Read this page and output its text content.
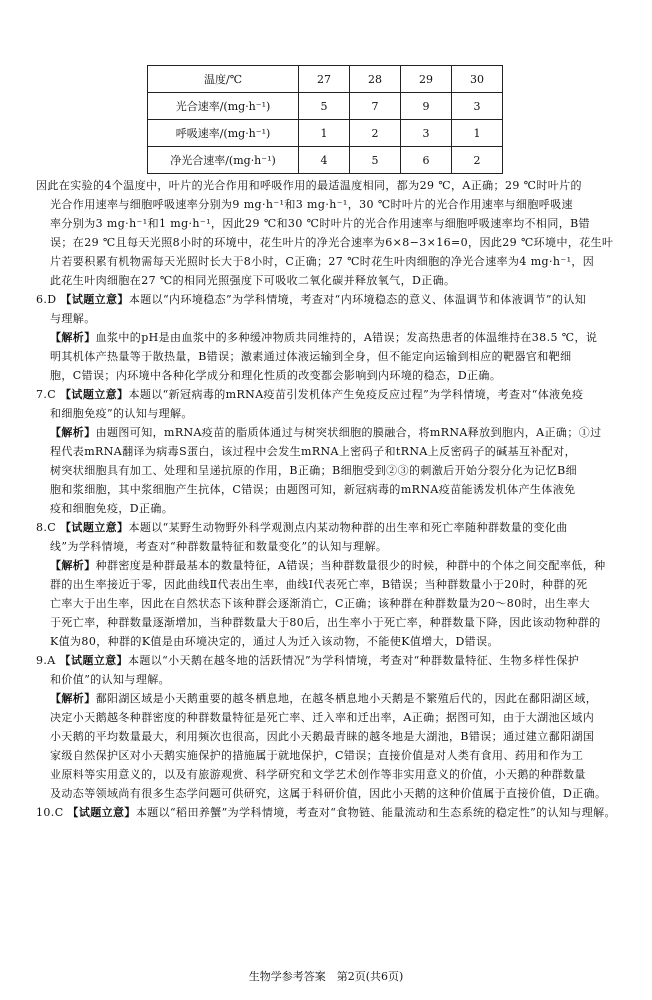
温度/℃	27	28	29	30
光合速率/(mg·h⁻¹)	5	7	9	3
呼吸速率/(mg·h⁻¹)	1	2	3	1
净光合速率/(mg·h⁻¹)	4	5	6	2
因此在实验的4个温度中，叶片的光合作用和呼吸作用的最适温度相同，都为29 ℃，A正确；29 ℃时叶片的
光合作用速率与细胞呼吸速率分别为9 mg·h⁻¹和3 mg·h⁻¹，30 ℃时叶片的光合作用速率与细胞呼吸速
率分别为3 mg·h⁻¹和1 mg·h⁻¹，因此29 ℃和30 ℃时叶片的光合作用速率与细胞呼吸速率均不相同，B错
误；在29 ℃且每天光照8小时的环境中，花生叶片的净光合速率为6×8−3×16=0，因此29 ℃环境中，花生叶
片若要积累有机物需每天光照时长大于8小时，C正确；27 ℃时花生叶肉细胞的净光合速率为4 mg·h⁻¹，因
此花生叶肉细胞在27 ℃的相同光照强度下可吸收二氧化碳并释放氧气，D正确。
6.D 【试题立意】本题以“内环境稳态”为学科情境，考查对“内环境稳态的意义、体温调节和体液调节”的认知
与理解。
【解析】血浆中的pH是由血浆中的多种缓冲物质共同维持的，A错误；发高热患者的体温维持在38.5 ℃，说
明其机体产热量等于散热量，B错误；激素通过体液运输到全身，但不能定向运输到相应的靶器官和靶细
胞，C错误；内环境中各种化学成分和理化性质的改变都会影响到内环境的稳态，D正确。
7.C 【试题立意】本题以“新冠病毒的mRNA疫苗引发机体产生免疫反应过程”为学科情境，考查对“体液免疫
和细胞免疫”的认知与理解。
【解析】由题图可知，mRNA疫苗的脂质体通过与树突状细胞的膜融合，将mRNA释放到胞内，A正确；①过
程代表mRNA翻译为病毒S蛋白，该过程中会发生mRNA上密码子和tRNA上反密码子的碱基互补配对，
树突状细胞具有加工、处理和呈递抗原的作用，B正确；B细胞受到②③的刺激后开始分裂分化为记忆B细
胞和浆细胞，其中浆细胞产生抗体，C错误；由题图可知，新冠病毒的mRNA疫苗能诱发机体产生体液免
疫和细胞免疫，D正确。
8.C 【试题立意】本题以“某野生动物野外科学观测点内某动物种群的出生率和死亡率随种群数量的变化曲
线”为学科情境，考查对“种群数量特征和数量变化”的认知与理解。
【解析】种群密度是种群最基本的数量特征，A错误；当种群数量很少的时候，种群中的个体之间交配率低，种
群的出生率接近于零，因此曲线Ⅱ代表出生率，曲线Ⅰ代表死亡率，B错误；当种群数量小于20时，种群的死
亡率大于出生率，因此在自然状态下该种群会逐渐消亡，C正确；该种群在种群数量为20～80时，出生率大
于死亡率，种群数量逐渐增加，当种群数量大于80后，出生率小于死亡率，种群数量下降，因此该动物种群的
K值为80，种群的K值是由环境决定的，通过人为迁入该动物，不能使K值增大，D错误。
9.A 【试题立意】本题以“小天鹅在越冬地的活跃情况”为学科情境，考查对“种群数量特征、生物多样性保护
和价值”的认知与理解。
【解析】鄱阳湖区域是小天鹅重要的越冬栖息地，在越冬栖息地小天鹅是不繁殖后代的，因此在鄱阳湖区域，
决定小天鹅越冬种群密度的种群数量特征是死亡率、迁入率和迁出率，A正确；据图可知，由于大湖池区域内
小天鹅的平均数量最大，利用频次也很高，因此小天鹅最青睐的越冬地是大湖池，B错误；通过建立鄱阳湖国
家级自然保护区对小天鹅实施保护的措施属于就地保护，C错误；直接价值是对人类有食用、药用和作为工
业原料等实用意义的，以及有旅游观赏、科学研究和文学艺术创作等非实用意义的价值，小天鹅的种群数量
及动态等领域尚有很多生态学问题可供研究，这属于科研价值，因此小天鹅的这种价值属于直接价值，D正确。
10.C 【试题立意】本题以“稻田养蟹”为学科情境，考查对“食物链、能量流动和生态系统的稳定性”的认知与理解。
生物学参考答案　第2页(共6页)
